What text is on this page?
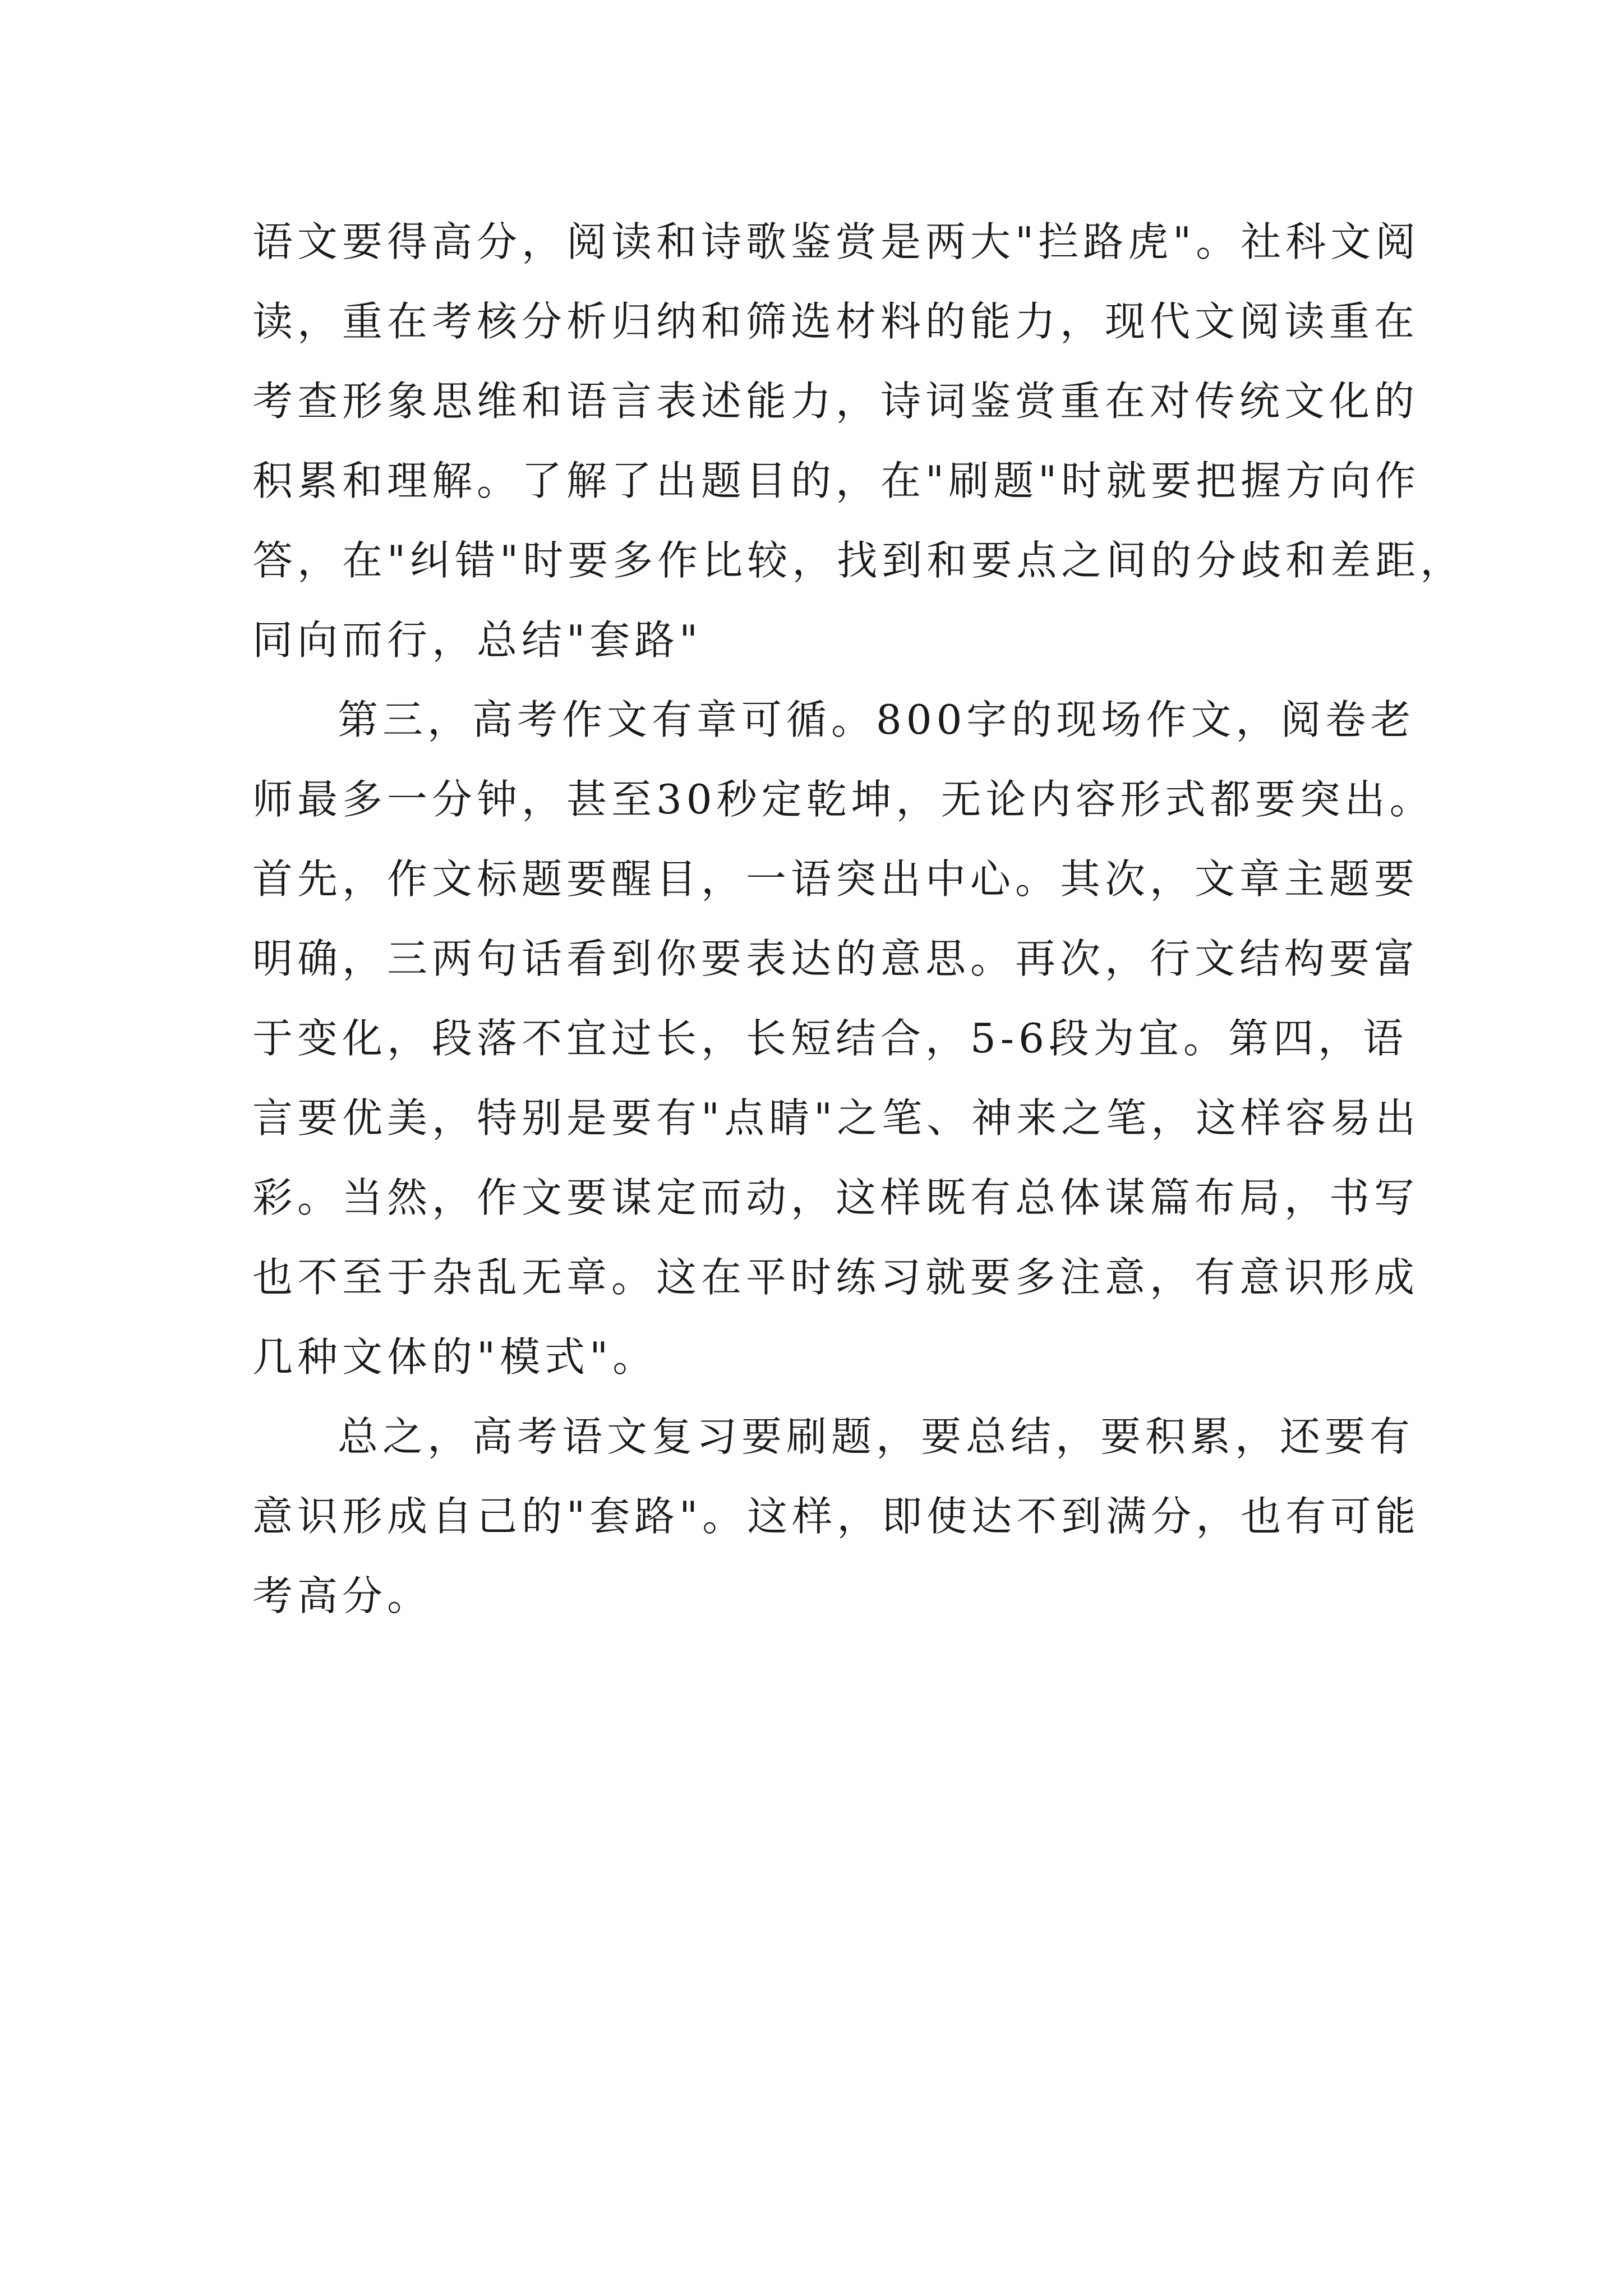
语文要得高分，阅读和诗歌鉴赏是两大"拦路虎"。社科文阅
读，重在考核分析归纳和筛选材料的能力，现代文阅读重在
考查形象思维和语言表述能力，诗词鉴赏重在对传统文化的
积累和理解。了解了出题目的，在"刷题"时就要把握方向作
答，在"纠错"时要多作比较，找到和要点之间的分歧和差距，
同向而行，总结"套路"
第三，高考作文有章可循。800字的现场作文，阅卷老
师最多一分钟，甚至30秒定乾坤，无论内容形式都要突出。
首先，作文标题要醒目，一语突出中心。其次，文章主题要
明确，三两句话看到你要表达的意思。再次，行文结构要富
于变化，段落不宜过长，长短结合，5-6段为宜。第四，语
言要优美，特别是要有"点睛"之笔、神来之笔，这样容易出
彩。当然，作文要谋定而动，这样既有总体谋篇布局，书写
也不至于杂乱无章。这在平时练习就要多注意，有意识形成
几种文体的"模式"。
总之，高考语文复习要刷题，要总结，要积累，还要有
意识形成自己的"套路"。这样，即使达不到满分，也有可能
考高分。
